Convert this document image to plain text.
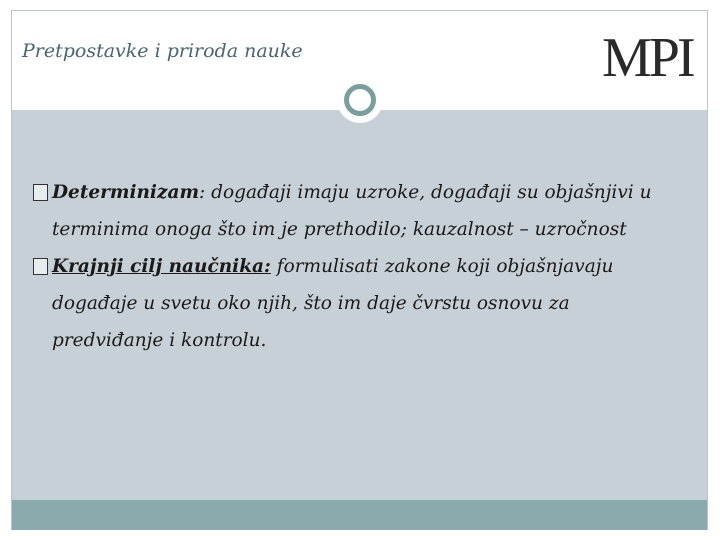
Pretpostavke i priroda nauke	MPI

Determinizam: događaji imaju uzroke, događaji su objašnjivi u
terminima onoga što im je prethodilo; kauzalnost – uzročnost

Krajnji cilj naučnika: formulisati zakone koji objašnjavaju
događaje u svetu oko njih, što im daje čvrstu osnovu za
predviđanje i kontrolu.
